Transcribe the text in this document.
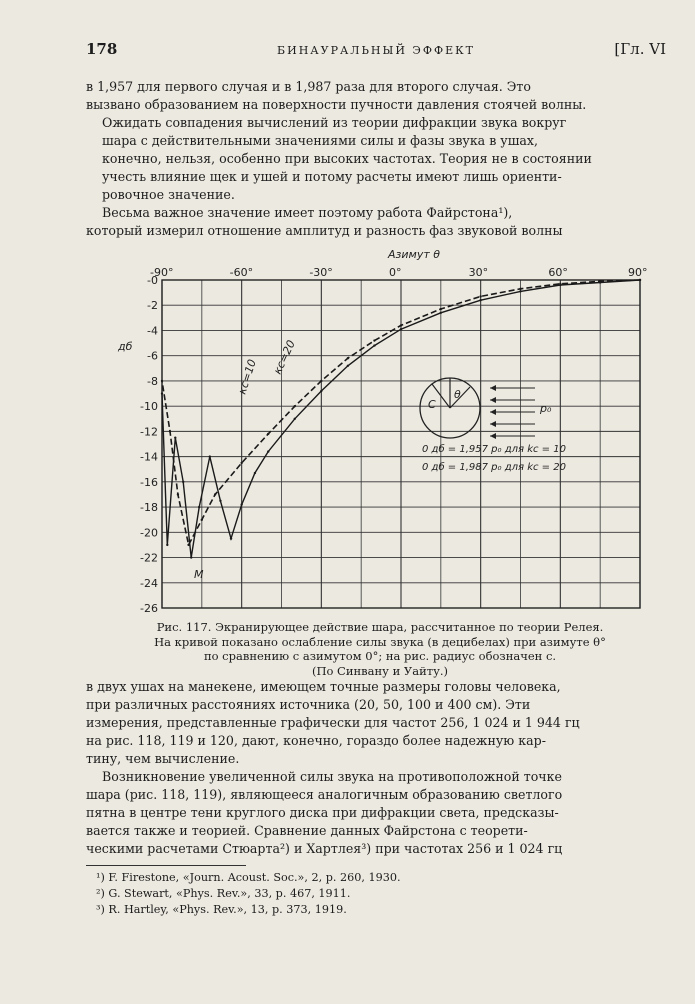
178	БИНАУРАЛЬНЫЙ ЭФФЕКТ	[Гл. VI

в 1,957 для первого случая и в 1,987 раза для второго случая. Это
вызвано образованием на поверхности пучности давления стоячей волны.

Ожидать совпадения вычислений из теории дифракции звука вокруг
шара с действительными значениями силы и фазы звука в ушах,
конечно, нельзя, особенно при высоких частотах. Теория не в состоянии
учесть влияние щек и ушей и потому расчеты имеют лишь ориенти-
ровочное значение.

Весьма важное значение имеет поэтому работа Файрстона¹),
который измерил отношение амплитуд и разность фаз звуковой волны

-90°	-60°	-30°	0°	30°	60°	90°
-0
-2
-4
-6
-8
-10
-12
-14
-16
-18
-20
-22
-24
-26
Азимут θ
дб
кс=10
кс=20
M
C
θ
p₀
0 дб = 1,957 p₀ для kс = 10
0 дб = 1,987 p₀ для kс = 20
Рис. 117. Экранирующее действие шара, рассчитанное по теории Релея.
На кривой показано ослабление силы звука (в децибелах) при азимуте θ°
по сравнению с азимутом 0°; на рис. радиус обозначен c.
(По Синвану и Уайту.)

в двух ушах на манекене, имеющем точные размеры головы человека,
при различных расстояниях источника (20, 50, 100 и 400 см). Эти
измерения, представленные графически для частот 256, 1 024 и 1 944 гц
на рис. 118, 119 и 120, дают, конечно, гораздо более надежную кар-
тину, чем вычисление.

Возникновение увеличенной силы звука на противоположной точке
шара (рис. 118, 119), являющееся аналогичным образованию светлого
пятна в центре тени круглого диска при дифракции света, предсказы-
вается также и теорией. Сравнение данных Файрстона с теорети-
ческими расчетами Стюарта²) и Хартлея³) при частотах 256 и 1 024 гц

¹) F. Firestone, «Journ. Acoust. Soc.», 2, p. 260, 1930.
²) G. Stewart, «Phys. Rev.», 33, p. 467, 1911.
³) R. Hartley, «Phys. Rev.», 13, p. 373, 1919.
